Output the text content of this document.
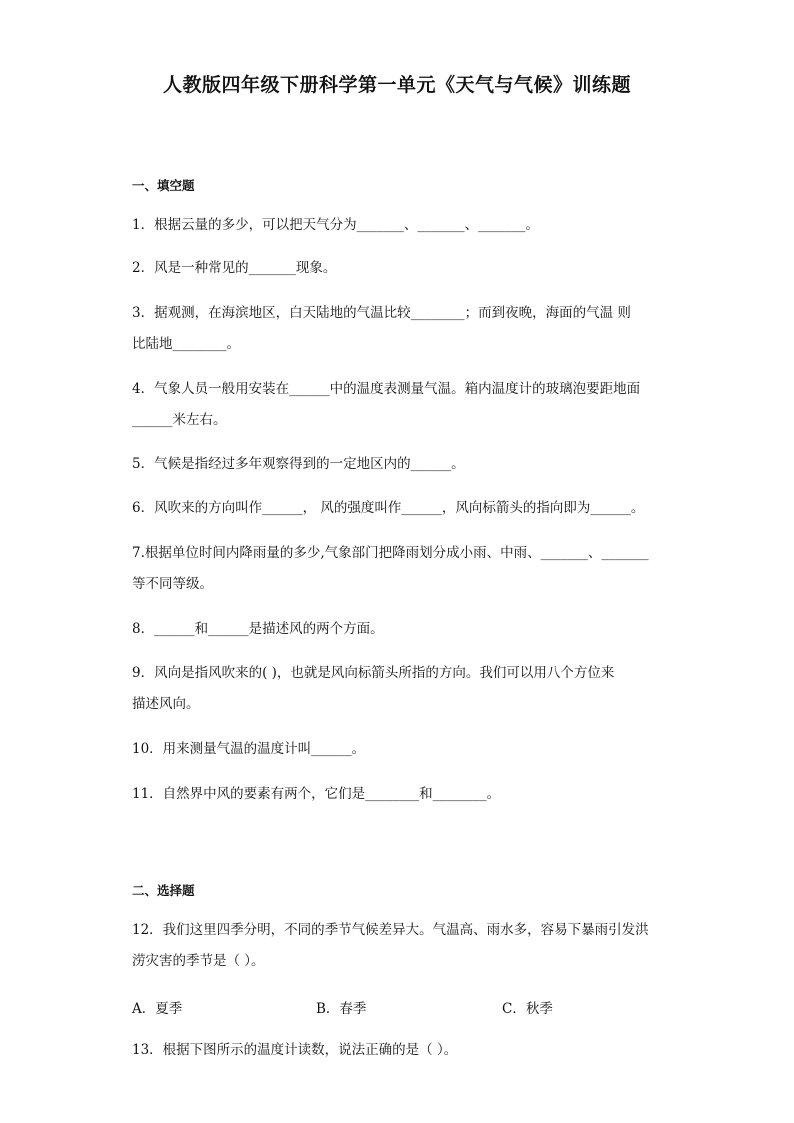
人教版四年级下册科学第一单元《天气与气候》训练题
一、填空题
1．根据云量的多少，可以把天气分为_______、_______、_______。
2．风是一种常见的_______现象。
3．据观测，在海滨地区，白天陆地的气温比较________；而到夜晚，海面的气温 则
比陆地________。
4．气象人员一般用安装在______中的温度表测量气温。箱内温度计的玻璃泡要距地面
______米左右。
5．气候是指经过多年观察得到的一定地区内的______。
6．风吹来的方向叫作______， 风的强度叫作______，风向标箭头的指向即为______。
7.根据单位时间内降雨量的多少,气象部门把降雨划分成小雨、中雨、_______、_______
等不同等级。
8．______和______是描述风的两个方面。
9．风向是指风吹来的( )，也就是风向标箭头所指的方向。我们可以用八个方位来
描述风向。
10．用来测量气温的温度计叫______。
11．自然界中风的要素有两个，它们是________和________。
二、选择题
12．我们这里四季分明，不同的季节气候差异大。气温高、雨水多，容易下暴雨引发洪
涝灾害的季节是（ ）。
A．夏季	B．春季	C．秋季
13．根据下图所示的温度计读数，说法正确的是（ ）。
